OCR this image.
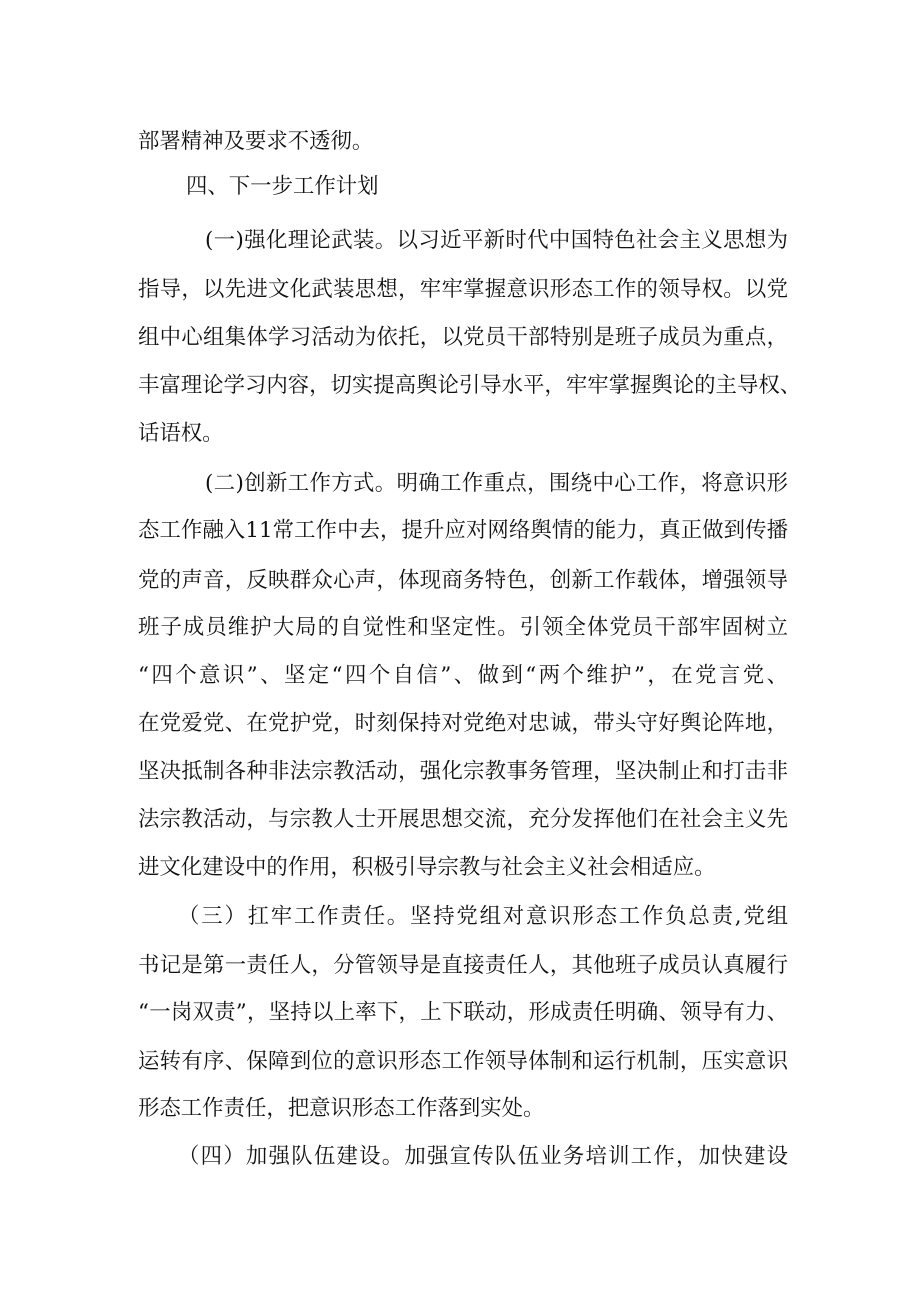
部署精神及要求不透彻。
四、下一步工作计划
(一)强化理论武装。以习近平新时代中国特色社会主义思想为
指导，以先进文化武装思想，牢牢掌握意识形态工作的领导权。以党
组中心组集体学习活动为依托，以党员干部特别是班子成员为重点，
丰富理论学习内容，切实提高舆论引导水平，牢牢掌握舆论的主导权、
话语权。
(二)创新工作方式。明确工作重点，围绕中心工作，将意识形
态工作融入11常工作中去，提升应对网络舆情的能力，真正做到传播
党的声音，反映群众心声，体现商务特色，创新工作载体，增强领导
班子成员维护大局的自觉性和坚定性。引领全体党员干部牢固树立
“四个意识”、坚定“四个自信”、做到“两个维护”，在党言党、
在党爱党、在党护党，时刻保持对党绝对忠诚，带头守好舆论阵地，
坚决抵制各种非法宗教活动，强化宗教事务管理，坚决制止和打击非
法宗教活动，与宗教人士开展思想交流，充分发挥他们在社会主义先
进文化建设中的作用，积极引导宗教与社会主义社会相适应。
（三）扛牢工作责任。坚持党组对意识形态工作负总责,党组
书记是第一责任人，分管领导是直接责任人，其他班子成员认真履行
“一岗双责”，坚持以上率下，上下联动，形成责任明确、领导有力、
运转有序、保障到位的意识形态工作领导体制和运行机制，压实意识
形态工作责任，把意识形态工作落到实处。
（四）加强队伍建设。加强宣传队伍业务培训工作，加快建设
